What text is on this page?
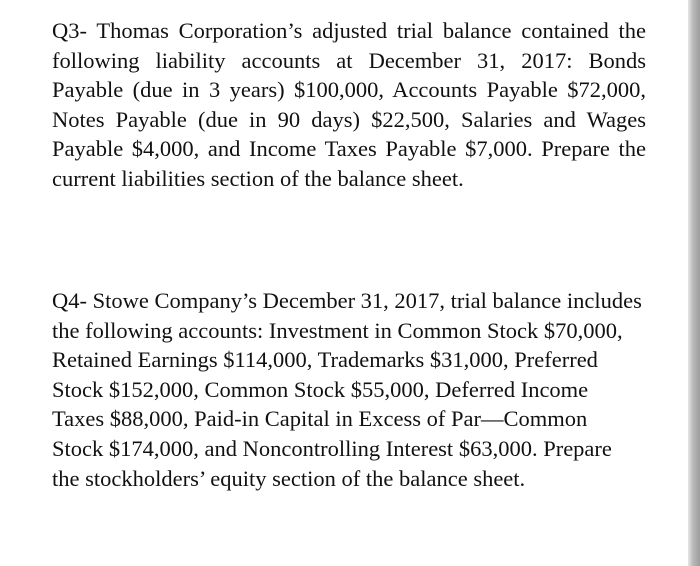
Q3- Thomas Corporation’s adjusted trial balance contained the following liability accounts at December 31, 2017: Bonds Payable (due in 3 years) $100,000, Accounts Payable $72,000, Notes Payable (due in 90 days) $22,500, Salaries and Wages Payable $4,000, and Income Taxes Payable $7,000. Prepare the current liabilities section of the balance sheet.

Q4- Stowe Company’s December 31, 2017, trial balance includes the following accounts: Investment in Common Stock $70,000, Retained Earnings $114,000, Trademarks $31,000, Preferred Stock $152,000, Common Stock $55,000, Deferred Income Taxes $88,000, Paid-in Capital in Excess of Par—Common Stock $174,000, and Noncontrolling Interest $63,000. Prepare the stockholders’ equity section of the balance sheet.
